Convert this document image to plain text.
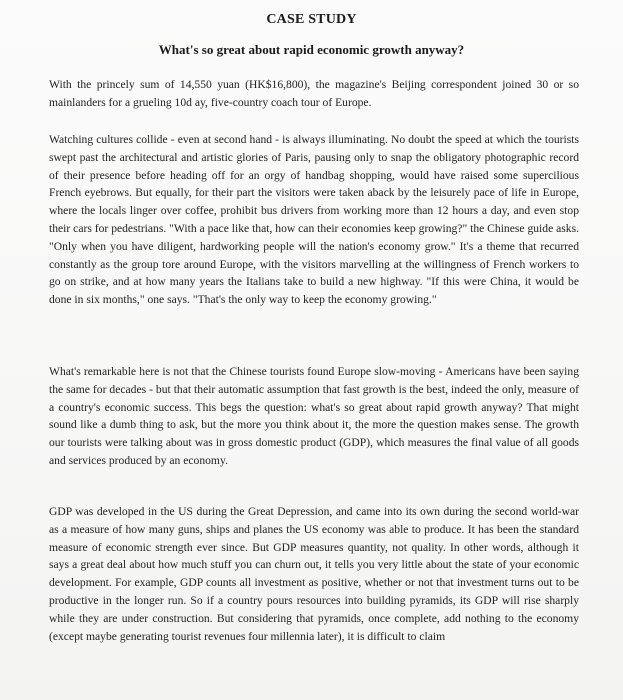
CASE STUDY
What's so great about rapid economic growth anyway?

With the princely sum of 14,550 yuan (HK$16,800), the magazine's Beijing correspondent joined 30 or so mainlanders for a grueling 10d ay, five-country coach tour of Europe.

Watching cultures collide - even at second hand - is always illuminating. No doubt the speed at which the tourists swept past the architectural and artistic glories of Paris, pausing only to snap the obligatory photographic record of their presence before heading off for an orgy of handbag shopping, would have raised some supercilious French eyebrows. But equally, for their part the visitors were taken aback by the leisurely pace of life in Europe, where the locals linger over coffee, prohibit bus drivers from working more than 12 hours a day, and even stop their cars for pedestrians. "With a pace like that, how can their economies keep growing?" the Chinese guide asks. "Only when you have diligent, hardworking people will the nation's economy grow." It's a theme that recurred constantly as the group tore around Europe, with the visitors marvelling at the willingness of French workers to go on strike, and at how many years the Italians take to build a new highway. "If this were China, it would be done in six months," one says. "That's the only way to keep the economy growing."

What's remarkable here is not that the Chinese tourists found Europe slow-moving - Americans have been saying the same for decades - but that their automatic assumption that fast growth is the best, indeed the only, measure of a country's economic success. This begs the question: what's so great about rapid growth anyway? That might sound like a dumb thing to ask, but the more you think about it, the more the question makes sense. The growth our tourists were talking about was in gross domestic product (GDP), which measures the final value of all goods and services produced by an economy.

GDP was developed in the US during the Great Depression, and came into its own during the second world-war as a measure of how many guns, ships and planes the US economy was able to produce. It has been the standard measure of economic strength ever since. But GDP measures quantity, not quality. In other words, although it says a great deal about how much stuff you can churn out, it tells you very little about the state of your economic development. For example, GDP counts all investment as positive, whether or not that investment turns out to be productive in the longer run. So if a country pours resources into building pyramids, its GDP will rise sharply while they are under construction. But considering that pyramids, once complete, add nothing to the economy (except maybe generating tourist revenues four millennia later), it is difficult to claim
